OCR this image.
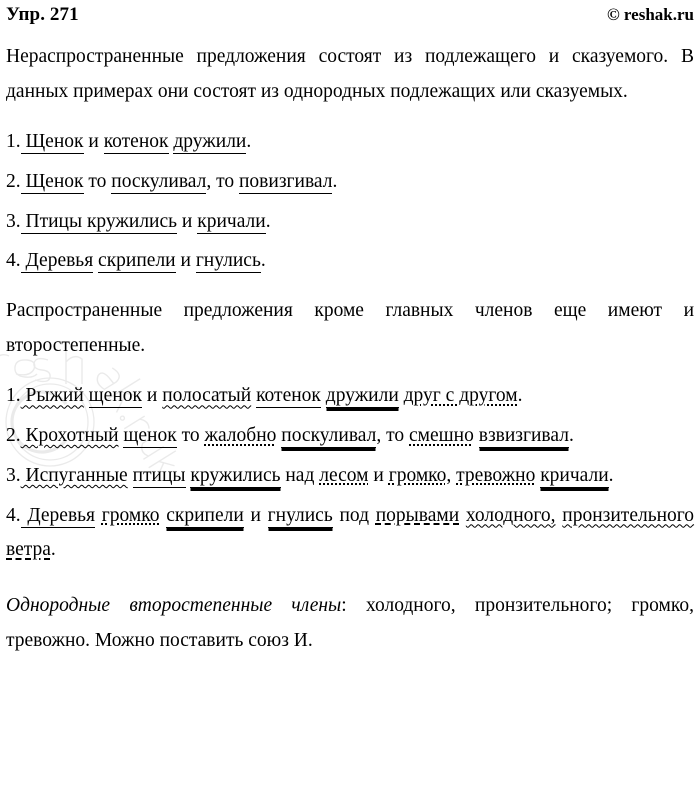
Упр. 271	© reshak.ru

Нераспространенные предложения состоят из подлежащего и сказуемого. В данных примерах они состоят из однородных подлежащих или сказуемых.

1. Щенок и котенок дружили.

2. Щенок то поскуливал, то повизгивал.

3. Птицы кружились и кричали.

4. Деревья скрипели и гнулись.

Распространенные предложения кроме главных членов еще имеют и второстепенные.

1. Рыжий щенок и полосатый котенок дружили друг с другом.

2. Крохотный щенок то жалобно поскуливал, то смешно взвизгивал.

3. Испуганные птицы кружились над лесом и громко, тревожно кричали.

4. Деревья громко скрипели и гнулись под порывами холодного, пронзительного ветра.

Однородные второстепенные члены: холодного, пронзительного; громко, тревожно. Можно поставить союз И.
